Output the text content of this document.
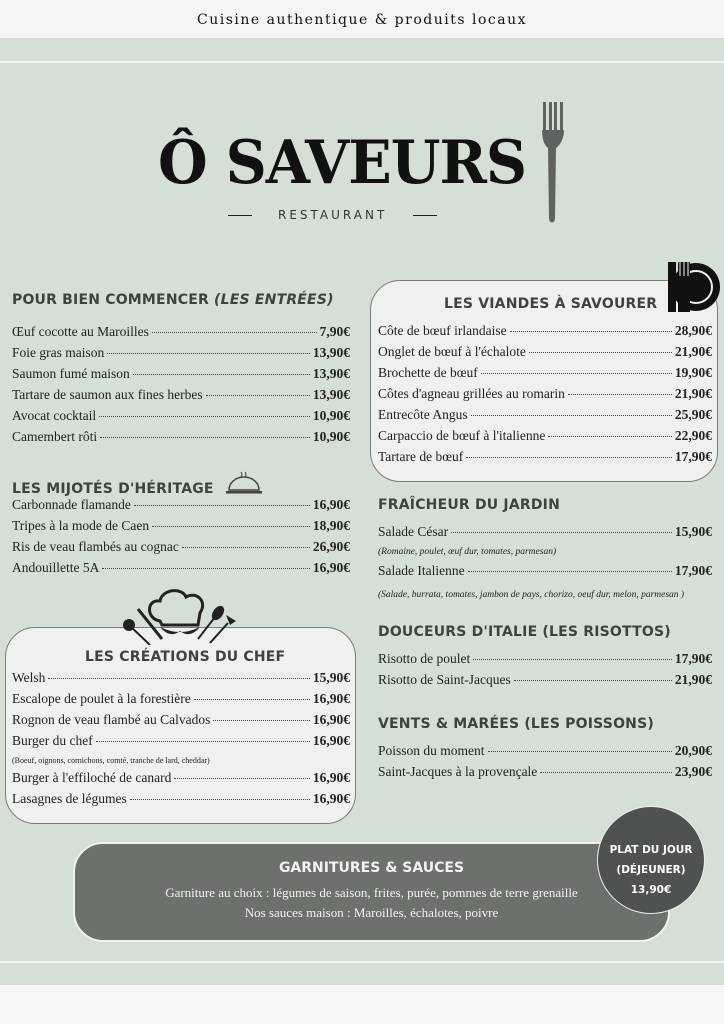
Cuisine authentique & produits locaux
Ô SAVEURS
RESTAURANT
POUR BIEN COMMENCER (LES ENTRÉES)
Œuf cocotte au Maroilles	7,90€
Foie gras maison	13,90€
Saumon fumé maison	13,90€
Tartare de saumon aux fines herbes	13,90€
Avocat cocktail	10,90€
Camembert rôti	10,90€
LES MIJOTÉS D'HÉRITAGE
Carbonnade flamande	16,90€
Tripes à la mode de Caen	18,90€
Ris de veau flambés au cognac	26,90€
Andouillette 5A	16,90€
LES CRÉATIONS DU CHEF
Welsh	15,90€
Escalope de poulet à la forestière	16,90€
Rognon de veau flambé au Calvados	16,90€
Burger du chef	16,90€
(Boeuf, oignons, cornichons, comté, tranche de lard, cheddar)
Burger à l'effiloché de canard	16,90€
Lasagnes de légumes	16,90€
LES VIANDES À SAVOURER
Côte de bœuf irlandaise	28,90€
Onglet de bœuf à l'échalote	21,90€
Brochette de bœuf	19,90€
Côtes d'agneau grillées au romarin	21,90€
Entrecôte Angus	25,90€
Carpaccio de bœuf à l'italienne	22,90€
Tartare de bœuf	17,90€
FRAÎCHEUR DU JARDIN
Salade César	15,90€
(Romaine, poulet, œuf dur, tomates, parmesan)
Salade Italienne	17,90€
(Salade, burrata, tomates, jambon de pays, chorizo, oeuf dur, melon, parmesan )
DOUCEURS D'ITALIE (LES RISOTTOS)
Risotto de poulet	17,90€
Risotto de Saint-Jacques	21,90€
VENTS & MARÉES (LES POISSONS)
Poisson du moment	20,90€
Saint-Jacques à la provençale	23,90€
GARNITURES & SAUCES
Garniture au choix : légumes de saison, frites, purée, pommes de terre grenaille
Nos sauces maison : Maroilles, échalotes, poivre
PLAT DU JOUR
(DÉJEUNER)
13,90€
